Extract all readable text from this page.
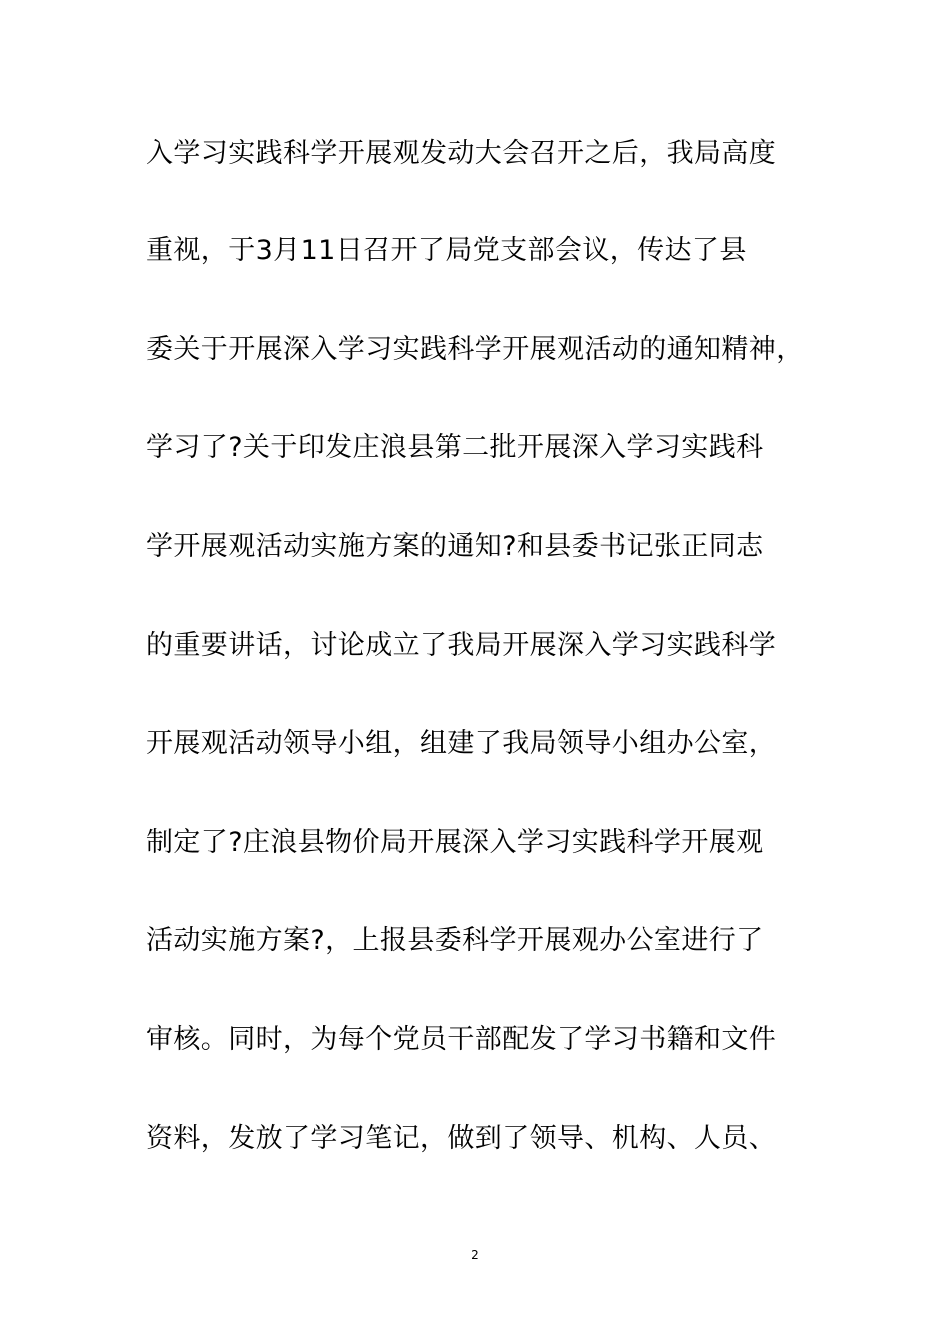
入学习实践科学开展观发动大会召开之后，我局高度
重视，于3月11日召开了局党支部会议，传达了县
委关于开展深入学习实践科学开展观活动的通知精神，
学习了?关于印发庄浪县第二批开展深入学习实践科
学开展观活动实施方案的通知?和县委书记张正同志
的重要讲话，讨论成立了我局开展深入学习实践科学
开展观活动领导小组，组建了我局领导小组办公室，
制定了?庄浪县物价局开展深入学习实践科学开展观
活动实施方案?，上报县委科学开展观办公室进行了
审核。同时，为每个党员干部配发了学习书籍和文件
资料，发放了学习笔记，做到了领导、机构、人员、
2
